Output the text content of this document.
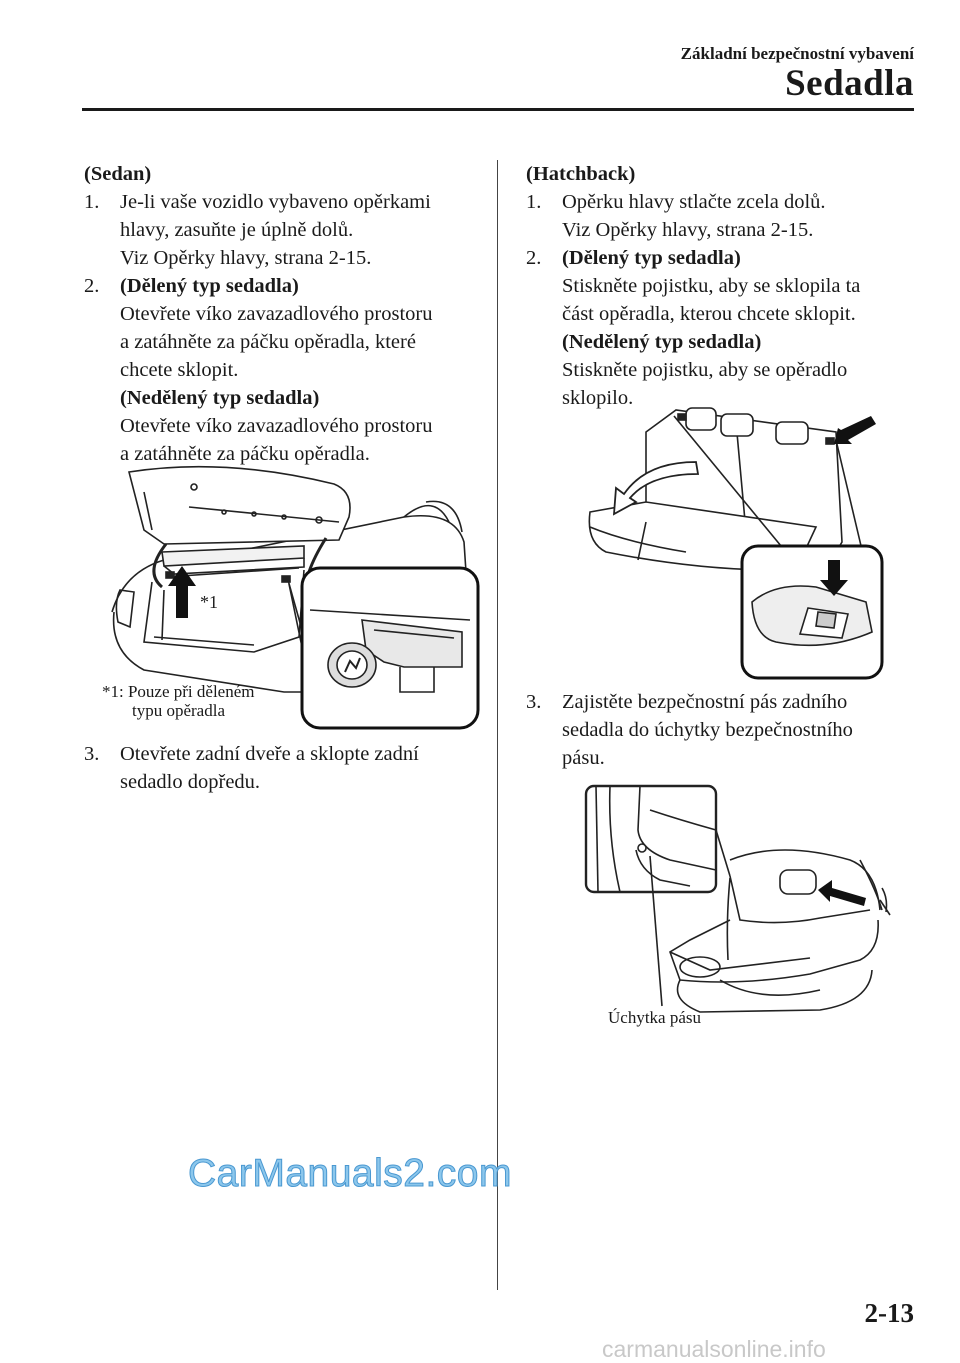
Základní bezpečnostní vybavení
Sedadla

(Sedan)

1.	Je-li vaše vozidlo vybaveno opěrkami

hlavy, zasuňte je úplně dolů.

Viz Opěrky hlavy, strana 2-15.

2.	(Dělený typ sedadla)

Otevřete víko zavazadlového prostoru

a zatáhněte za páčku opěradla, které

chcete sklopit.

(Nedělený typ sedadla)

Otevřete víko zavazadlového prostoru

a zatáhněte za páčku opěradla.

*1
*1: Pouze při děleném
typu opěradla
3.	Otevřete zadní dveře a sklopte zadní

sedadlo dopředu.

(Hatchback)

1.	Opěrku hlavy stlačte zcela dolů.

Viz Opěrky hlavy, strana 2-15.

2.	(Dělený typ sedadla)

Stiskněte pojistku, aby se sklopila ta

část opěradla, kterou chcete sklopit.

(Nedělený typ sedadla)

Stiskněte pojistku, aby se opěradlo

sklopilo.

3.	Zajistěte bezpečnostní pás zadního

sedadla do úchytky bezpečnostního

pásu.

Úchytka pásu
2-13
CarManuals2.com
carmanualsonline.info
